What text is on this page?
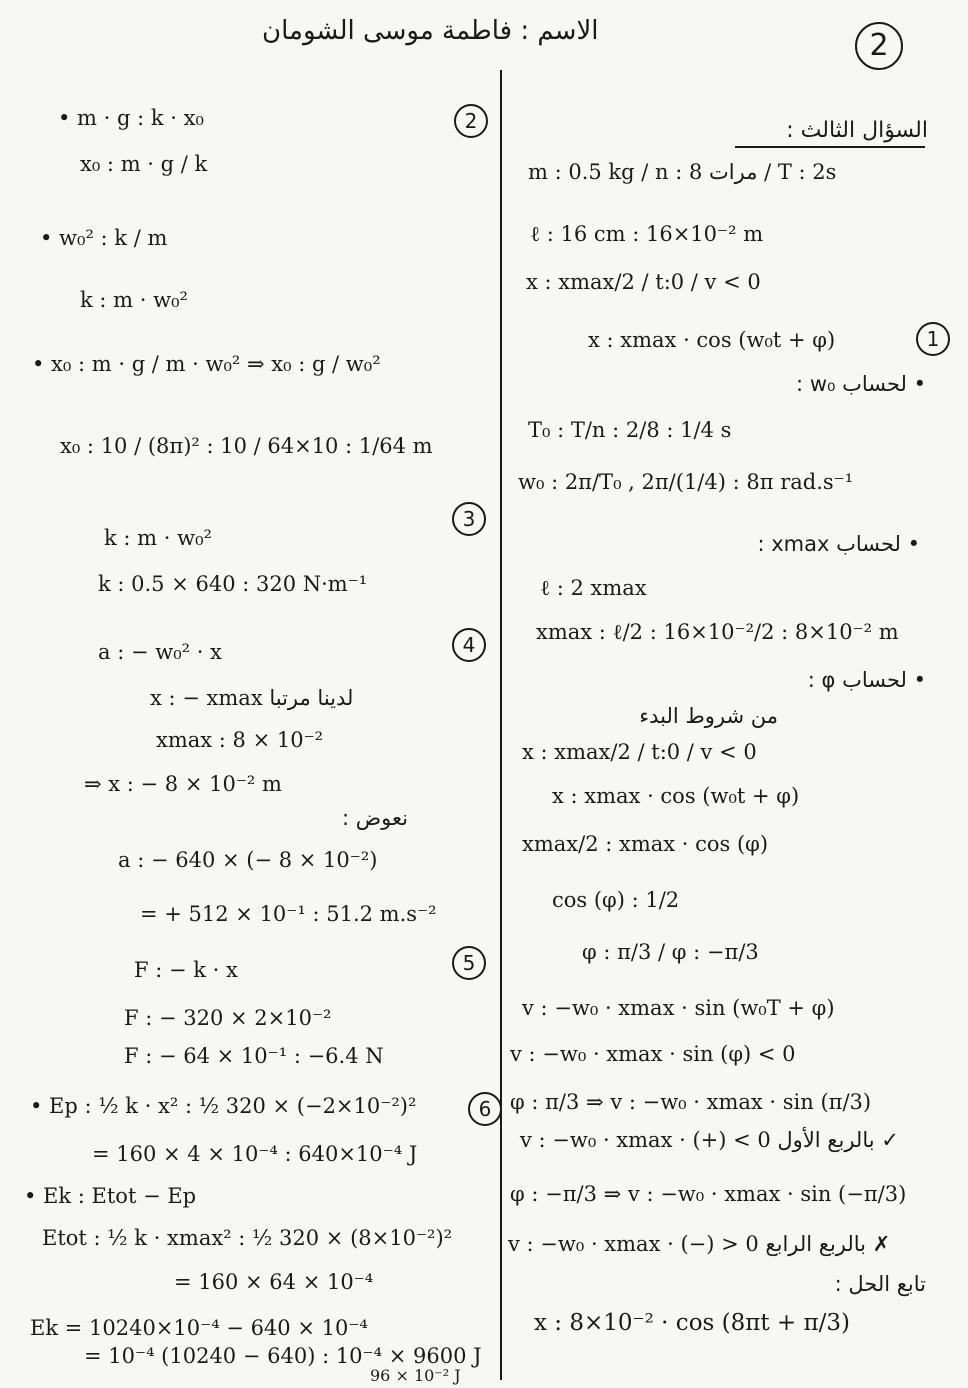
الاسم : فاطمة موسى الشومان	2
السؤال الثالث :
m : 0.5 kg / n : 8 مرات / T : 2s
ℓ : 16 cm : 16×10⁻² m
x : xmax/2 / t:0 / v < 0
x : xmax · cos (w₀t + φ)	1
• لحساب w₀ :
T₀ : T/n : 2/8 : 1/4 s
w₀ : 2π/T₀ , 2π/(1/4) : 8π rad.s⁻¹
• لحساب xmax :
ℓ : 2 xmax
xmax : ℓ/2 : 16×10⁻²/2 : 8×10⁻² m
• لحساب φ :
من شروط البدء
x : xmax/2 / t:0 / v < 0
x : xmax · cos (w₀t + φ)
xmax/2 : xmax · cos (φ)
cos (φ) : 1/2
φ : π/3 / φ : −π/3
v : −w₀ · xmax · sin (w₀T + φ)
v : −w₀ · xmax · sin (φ) < 0
φ : π/3 ⇒ v : −w₀ · xmax · sin (π/3)
v : −w₀ · xmax · (+) < 0 بالربع الأول ✓
φ : −π/3 ⇒ v : −w₀ · xmax · sin (−π/3)
v : −w₀ · xmax · (−) > 0 بالربع الرابع ✗
تابع الحل :
x : 8×10⁻² · cos (8πt + π/3)
2
• m · g : k · x₀
x₀ : m · g / k
• w₀² : k / m
k : m · w₀²
• x₀ : m · g / m · w₀² ⇒ x₀ : g / w₀²
x₀ : 10 / (8π)² : 10 / 64×10 : 1/64 m
3
k : m · w₀²
k : 0.5 × 640 : 320 N·m⁻¹
4
a : − w₀² · x
x : − xmax لدينا مرتبا
xmax : 8 × 10⁻²
⇒ x : − 8 × 10⁻² m
نعوض :
a : − 640 × (− 8 × 10⁻²)
= + 512 × 10⁻¹ : 51.2 m.s⁻²
5
F : − k · x
F : − 320 × 2×10⁻²
F : − 64 × 10⁻¹ : −6.4 N
6
• Ep : ½ k · x² : ½ 320 × (−2×10⁻²)²
= 160 × 4 × 10⁻⁴ : 640×10⁻⁴ J
• Ek : Etot − Ep
Etot : ½ k · xmax² : ½ 320 × (8×10⁻²)²
= 160 × 64 × 10⁻⁴
Ek = 10240×10⁻⁴ − 640 × 10⁻⁴
= 10⁻⁴ (10240 − 640) : 10⁻⁴ × 9600 J
96 × 10⁻² J
